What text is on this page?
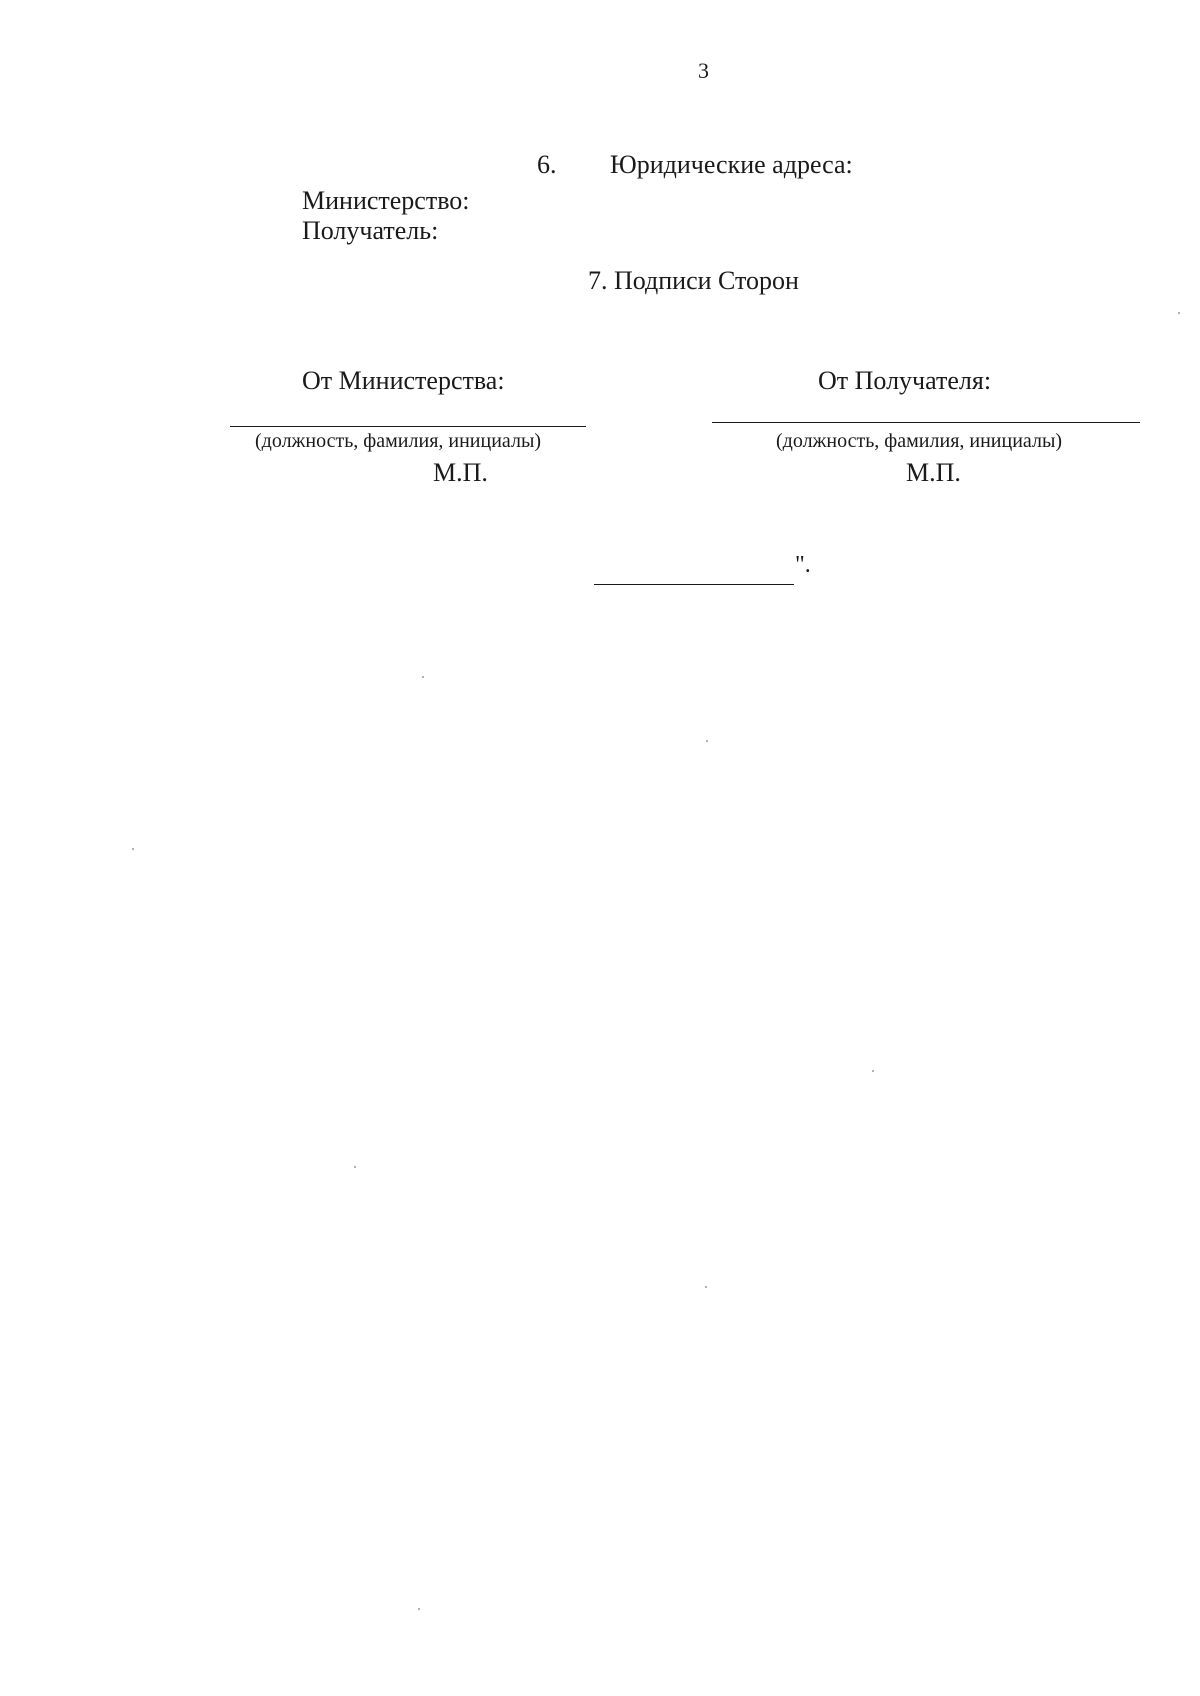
3
6. Юридические адреса:
Министерство:
Получатель:
7. Подписи Сторон
От Министерства:	От Получателя:
(должность, фамилия, инициалы)	(должность, фамилия, инициалы)
М.П.	М.П.
".
